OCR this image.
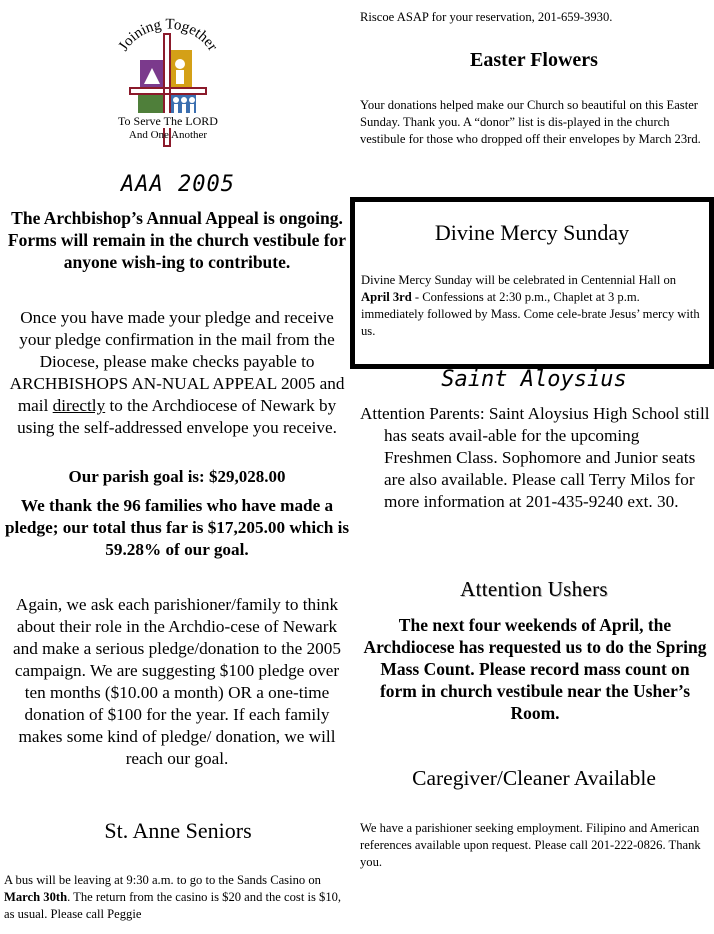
Joining Together
To Serve The LORD
And One Another
AAA 2005

The Archbishop’s Annual Appeal is ongoing. Forms will remain in the church vestibule for anyone wish-ing to contribute.

Once you have made your pledge and receive your pledge confirmation in the mail from the Diocese, please make checks payable to ARCHBISHOPS AN-NUAL APPEAL 2005 and mail directly to the Archdiocese of Newark by using the self-addressed envelope you receive.

Our parish goal is: $29,028.00

We thank the 96 families who have made a pledge; our total thus far is $17,205.00 which is 59.28% of our goal.

Again, we ask each parishioner/family to think about their role in the Archdio-cese of Newark and make a serious pledge/donation to the 2005 campaign. We are suggesting $100 pledge over ten months ($10.00 a month) OR a one-time donation of $100 for the year. If each family makes some kind of pledge/ donation, we will reach our goal.

St. Anne Seniors

A bus will be leaving at 9:30 a.m. to go to the Sands Casino on March 30th. The return from the casino is $20 and the cost is $10, as usual. Please call Peggie

Riscoe ASAP for your reservation, 201-659-3930.

Easter Flowers

Your donations helped make our Church so beautiful on this Easter Sunday. Thank you. A “donor” list is dis-played in the church vestibule for those who dropped off their envelopes by March 23rd.

Divine Mercy Sunday

Divine Mercy Sunday will be celebrated in Centennial Hall on April 3rd - Confessions at 2:30 p.m., Chaplet at 3 p.m. immediately followed by Mass. Come cele-brate Jesus’ mercy with us.

Saint Aloysius

Attention Parents: Saint Aloysius High School still has seats avail-able for the upcoming Freshmen Class. Sophomore and Junior seats are also available. Please call Terry Milos for more information at 201-435-9240 ext. 30.

Attention Ushers

The next four weekends of April, the Archdiocese has requested us to do the Spring Mass Count. Please record mass count on form in church vestibule near the Usher’s Room.

Caregiver/Cleaner Available

We have a parishioner seeking employment. Filipino and American references available upon request. Please call 201-222-0826. Thank you.
